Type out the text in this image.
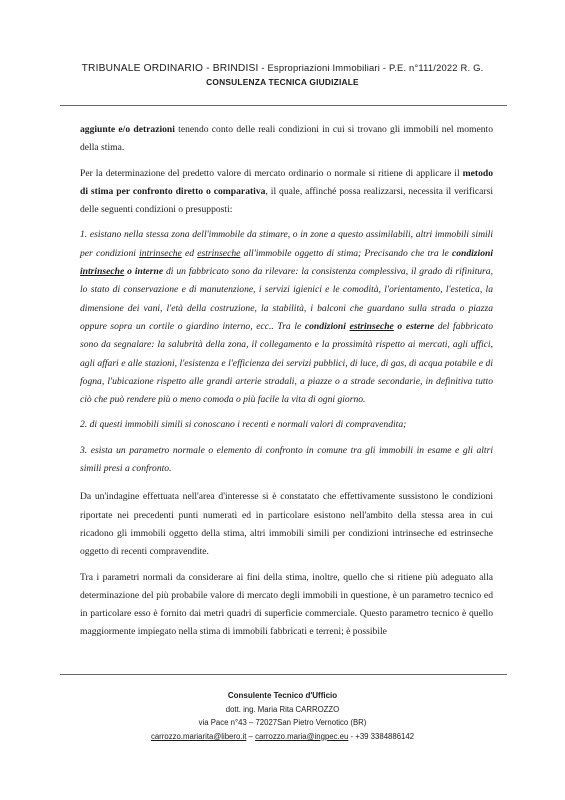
TRIBUNALE ORDINARIO - BRINDISI - Espropriazioni Immobiliari - P.E. n°111/2022 R. G.
CONSULENZA TECNICA GIUDIZIALE

aggiunte e/o detrazioni tenendo conto delle reali condizioni in cui si trovano gli immobili nel momento della stima.

Per la determinazione del predetto valore di mercato ordinario o normale si ritiene di applicare il metodo di stima per confronto diretto o comparativa, il quale, affinché possa realizzarsi, necessita il verificarsi delle seguenti condizioni o presupposti:

1. esistano nella stessa zona dell'immobile da stimare, o in zone a questo assimilabili, altri immobili simili per condizioni intrinseche ed estrinseche all'immobile oggetto di stima; Precisando che tra le condizioni intrinseche o interne di un fabbricato sono da rilevare: la consistenza complessiva, il grado di rifinitura, lo stato di conservazione e di manutenzione, i servizi igienici e le comodità, l'orientamento, l'estetica, la dimensione dei vani, l'età della costruzione, la stabilità, i balconi che guardano sulla strada o piazza oppure sopra un cortile o giardino interno, ecc.. Tra le condizioni estrinseche o esterne del fabbricato sono da segnalare: la salubrità della zona, il collegamento e la prossimità rispetto ai mercati, agli uffici, agli affari e alle stazioni, l'esistenza e l'efficienza dei servizi pubblici, di luce, di gas, di acqua potabile e di fogna, l'ubicazione rispetto alle grandi arterie stradali, a piazze o a strade secondarie, in definitiva tutto ciò che può rendere più o meno comoda o più facile la vita di ogni giorno.

2. di questi immobili simili si conoscano i recenti e normali valori di compravendita;

3. esista un parametro normale o elemento di confronto in comune tra gli immobili in esame e gli altri simili presi a confronto.

Da un'indagine effettuata nell'area d'interesse si è constatato che effettivamente sussistono le condizioni riportate nei precedenti punti numerati ed in particolare esistono nell'ambito della stessa area in cui ricadono gli immobili oggetto della stima, altri immobili simili per condizioni intrinseche ed estrinseche oggetto di recenti compravendite.

Tra i parametri normali da considerare ai fini della stima, inoltre, quello che si ritiene più adeguato alla determinazione del più probabile valore di mercato degli immobili in questione, è un parametro tecnico ed in particolare esso è fornito dai metri quadri di superficie commerciale. Questo parametro tecnico è quello maggiormente impiegato nella stima di immobili fabbricati e terreni; è possibile

Consulente Tecnico d'Ufficio
dott. ing. Maria Rita CARROZZO
via Pace n°43 – 72027San Pietro Vernotico (BR)
carrozzo.mariarita@libero.it – carrozzo.maria@ingpec.eu - +39 3384886142
